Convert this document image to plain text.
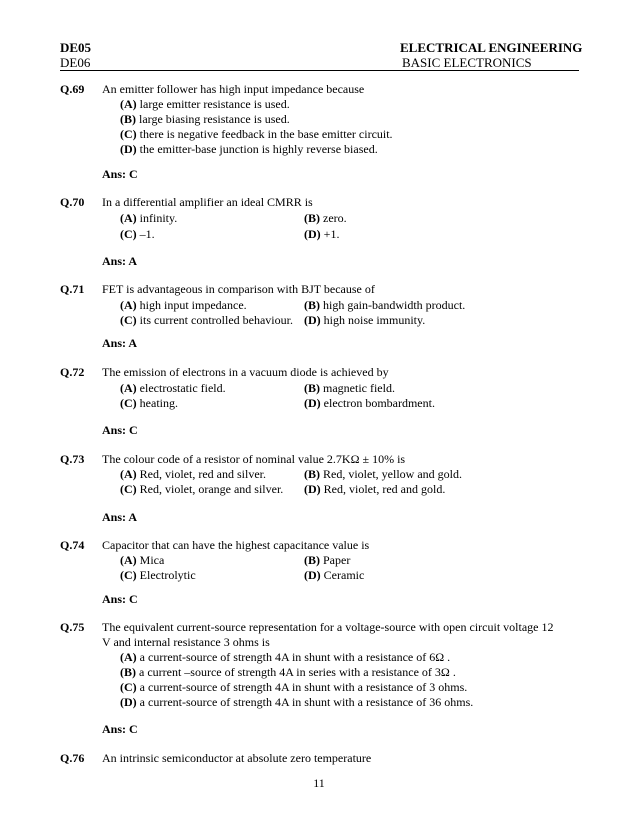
DE05
DE06
ELECTRICAL ENGINEERING
BASIC ELECTRONICS
Q.69 An emitter follower has high input impedance because
(A) large emitter resistance is used.
(B) large biasing resistance is used.
(C) there is negative feedback in the base emitter circuit.
(D) the emitter-base junction is highly reverse biased.
Ans: C
Q.70 In a differential amplifier an ideal CMRR is
(A) infinity.	(B) zero.
(C) –1.	(D) +1.
Ans: A
Q.71 FET is advantageous in comparison with BJT because of
(A) high input impedance.	(B) high gain-bandwidth product.
(C) its current controlled behaviour. (D) high noise immunity.
Ans: A
Q.72 The emission of electrons in a vacuum diode is achieved by
(A) electrostatic field.	(B) magnetic field.
(C) heating.	(D) electron bombardment.
Ans: C
Q.73 The colour code of a resistor of nominal value 2.7KΩ ± 10% is
(A) Red, violet, red and silver.	(B) Red, violet, yellow and gold.
(C) Red, violet, orange and silver. (D) Red, violet, red and gold.
Ans: A
Q.74 Capacitor that can have the highest capacitance value is
(A) Mica	(B) Paper
(C) Electrolytic	(D) Ceramic
Ans: C
Q.75 The equivalent current-source representation for a voltage-source with open circuit voltage 12
V and internal resistance 3 ohms is
(A) a current-source of strength 4A in shunt with a resistance of 6Ω .
(B) a current –source of strength 4A in series with a resistance of 3Ω .
(C) a current-source of strength 4A in shunt with a resistance of 3 ohms.
(D) a current-source of strength 4A in shunt with a resistance of 36 ohms.
Ans: C
Q.76 An intrinsic semiconductor at absolute zero temperature
11
